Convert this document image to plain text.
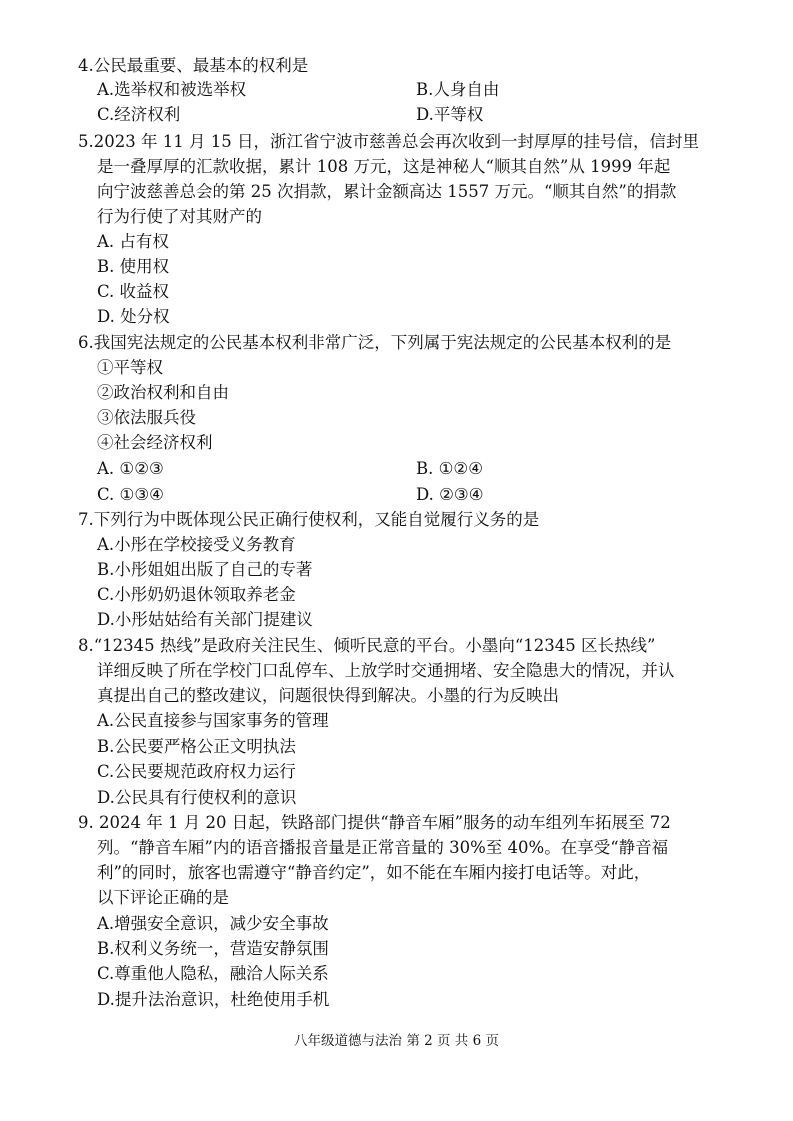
4.公民最重要、最基本的权利是
A.选举权和被选举权	B.人身自由
C.经济权利	D.平等权
5.2023 年 11 月 15 日，浙江省宁波市慈善总会再次收到一封厚厚的挂号信，信封里
是一叠厚厚的汇款收据，累计 108 万元，这是神秘人“顺其自然”从 1999 年起
向宁波慈善总会的第 25 次捐款，累计金额高达 1557 万元。“顺其自然”的捐款
行为行使了对其财产的
A. 占有权
B. 使用权
C. 收益权
D. 处分权
6.我国宪法规定的公民基本权利非常广泛，下列属于宪法规定的公民基本权利的是
①平等权
②政治权利和自由
③依法服兵役
④社会经济权利
A. ①②③	B. ①②④
C. ①③④	D. ②③④
7.下列行为中既体现公民正确行使权利，又能自觉履行义务的是
A.小彤在学校接受义务教育
B.小彤姐姐出版了自己的专著
C.小彤奶奶退休领取养老金
D.小彤姑姑给有关部门提建议
8.“12345 热线”是政府关注民生、倾听民意的平台。小墨向“12345 区长热线”
详细反映了所在学校门口乱停车、上放学时交通拥堵、安全隐患大的情况，并认
真提出自己的整改建议，问题很快得到解决。小墨的行为反映出
A.公民直接参与国家事务的管理
B.公民要严格公正文明执法
C.公民要规范政府权力运行
D.公民具有行使权利的意识
9. 2024 年 1 月 20 日起，铁路部门提供“静音车厢”服务的动车组列车拓展至 72
列。“静音车厢”内的语音播报音量是正常音量的 30%至 40%。在享受“静音福
利”的同时，旅客也需遵守“静音约定”，如不能在车厢内接打电话等。对此，
以下评论正确的是
A.增强安全意识，减少安全事故
B.权利义务统一，营造安静氛围
C.尊重他人隐私，融洽人际关系
D.提升法治意识，杜绝使用手机
八年级道德与法治 第 2 页 共 6 页
